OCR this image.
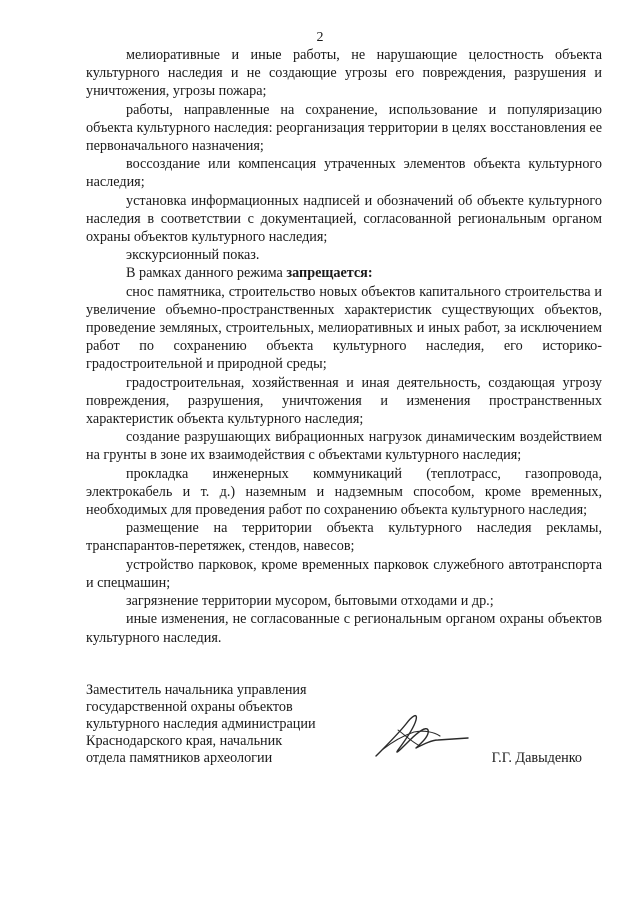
2

мелиоративные и иные работы, не нарушающие целостность объекта культурного наследия и не создающие угрозы его повреждения, разрушения и уничтожения, угрозы пожара;

работы, направленные на сохранение, использование и популяризацию объекта культурного наследия: реорганизация территории в целях восстановления ее первоначального назначения;

воссоздание или компенсация утраченных элементов объекта культурного наследия;

установка информационных надписей и обозначений об объекте культурного наследия в соответствии с документацией, согласованной региональным органом охраны объектов культурного наследия;

экскурсионный показ.

В рамках данного режима запрещается:

снос памятника, строительство новых объектов капитального строительства и увеличение объемно-пространственных характеристик существующих объектов, проведение земляных, строительных, мелиоративных и иных работ, за исключением работ по сохранению объекта культурного наследия, его историко-градостроительной и природной среды;

градостроительная, хозяйственная и иная деятельность, создающая угрозу повреждения, разрушения, уничтожения и изменения пространственных характеристик объекта культурного наследия;

создание разрушающих вибрационных нагрузок динамическим воздействием на грунты в зоне их взаимодействия с объектами культурного наследия;

прокладка инженерных коммуникаций (теплотрасс, газопровода, электрокабель и т. д.) наземным и надземным способом, кроме временных, необходимых для проведения работ по сохранению объекта культурного наследия;

размещение на территории объекта культурного наследия рекламы, транспарантов-перетяжек, стендов, навесов;

устройство парковок, кроме временных парковок служебного автотранспорта и спецмашин;

загрязнение территории мусором, бытовыми отходами и др.;

иные изменения, не согласованные с региональным органом охраны объектов культурного наследия.

Заместитель начальника управления
государственной охраны объектов
культурного наследия администрации
Краснодарского края, начальник
отдела памятников археологии	Г.Г. Давыденко
